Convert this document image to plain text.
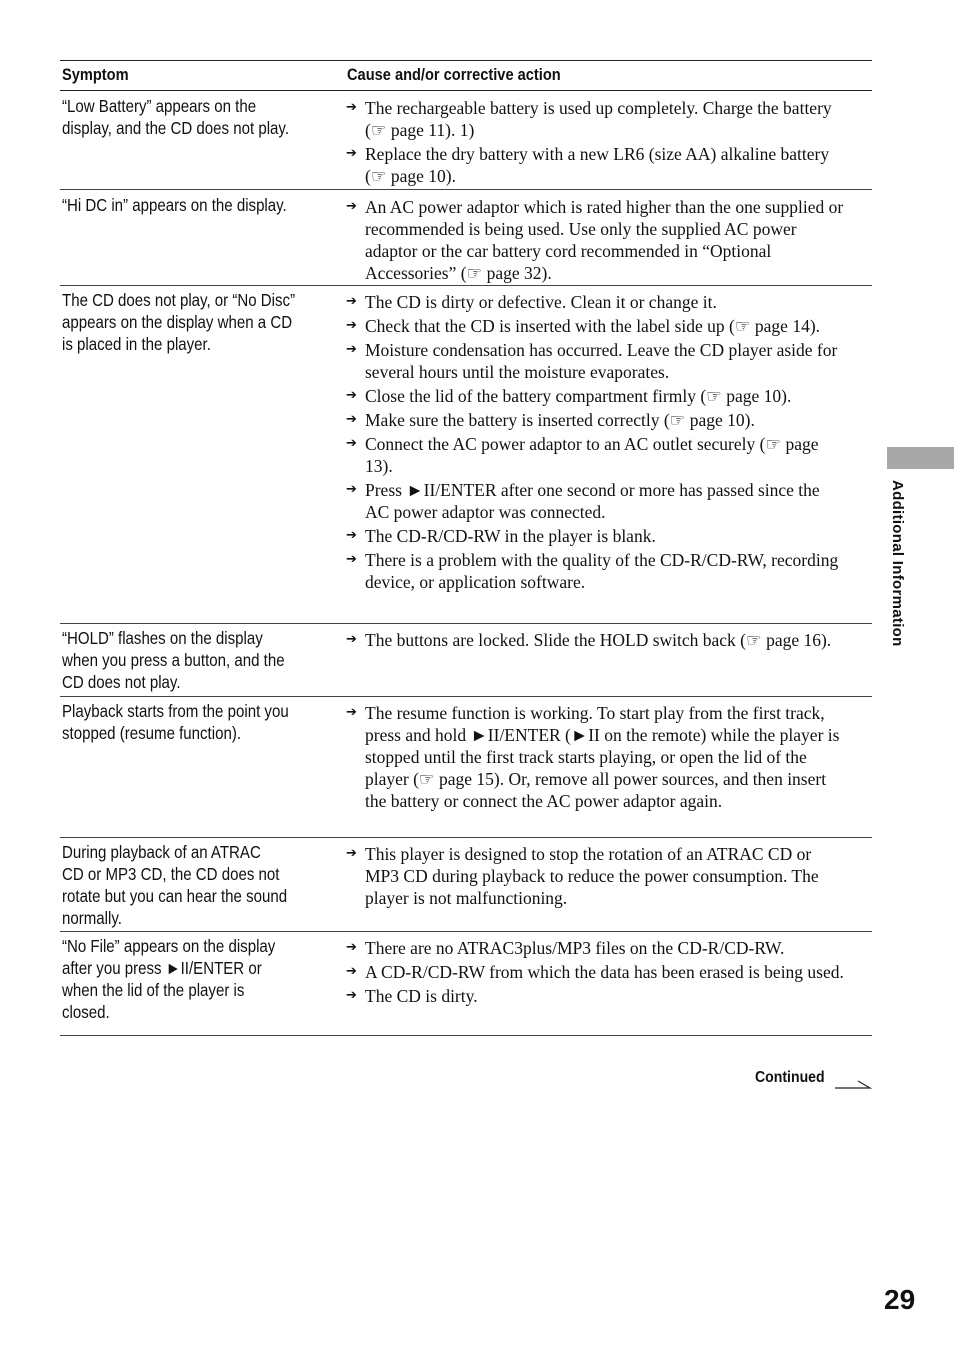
Symptom	Cause and/or corrective action
“Low Battery” appears on the
display, and the CD does not play.
➔ The rechargeable battery is used up completely. Charge the battery (☞ page 11). 1)
➔ Replace the dry battery with a new LR6 (size AA) alkaline battery (☞ page 10).
“Hi DC in” appears on the display.	➔ An AC power adaptor which is rated higher than the one supplied or recommended is being used. Use only the supplied AC power adaptor or the car battery cord recommended in “Optional Accessories” (☞ page 32).
The CD does not play, or “No Disc”
appears on the display when a CD
is placed in the player.
➔ The CD is dirty or defective. Clean it or change it.
➔ Check that the CD is inserted with the label side up (☞ page 14).
➔ Moisture condensation has occurred. Leave the CD player aside for several hours until the moisture evaporates.
➔ Close the lid of the battery compartment firmly (☞ page 10).
➔ Make sure the battery is inserted correctly (☞ page 10).
➔ Connect the AC power adaptor to an AC outlet securely (☞ page 13).
➔ Press ►II/ENTER after one second or more has passed since the AC power adaptor was connected.
➔ The CD-R/CD-RW in the player is blank.
➔ There is a problem with the quality of the CD-R/CD-RW, recording device, or application software.
“HOLD” flashes on the display
when you press a button, and the
CD does not play.
➔ The buttons are locked. Slide the HOLD switch back (☞ page 16).
Playback starts from the point you
stopped (resume function).
➔ The resume function is working. To start play from the first track, press and hold ►II/ENTER (►II on the remote) while the player is stopped until the first track starts playing, or open the lid of the player (☞ page 15). Or, remove all power sources, and then insert the battery or connect the AC power adaptor again.
During playback of an ATRAC
CD or MP3 CD, the CD does not
rotate but you can hear the sound
normally.
➔ This player is designed to stop the rotation of an ATRAC CD or MP3 CD during playback to reduce the power consumption. The player is not malfunctioning.
“No File” appears on the display
after you press ►II/ENTER or
when the lid of the player is
closed.
➔ There are no ATRAC3plus/MP3 files on the CD-R/CD-RW.
➔ A CD-R/CD-RW from which the data has been erased is being used.
➔ The CD is dirty.
Additional Information
Continued
29
